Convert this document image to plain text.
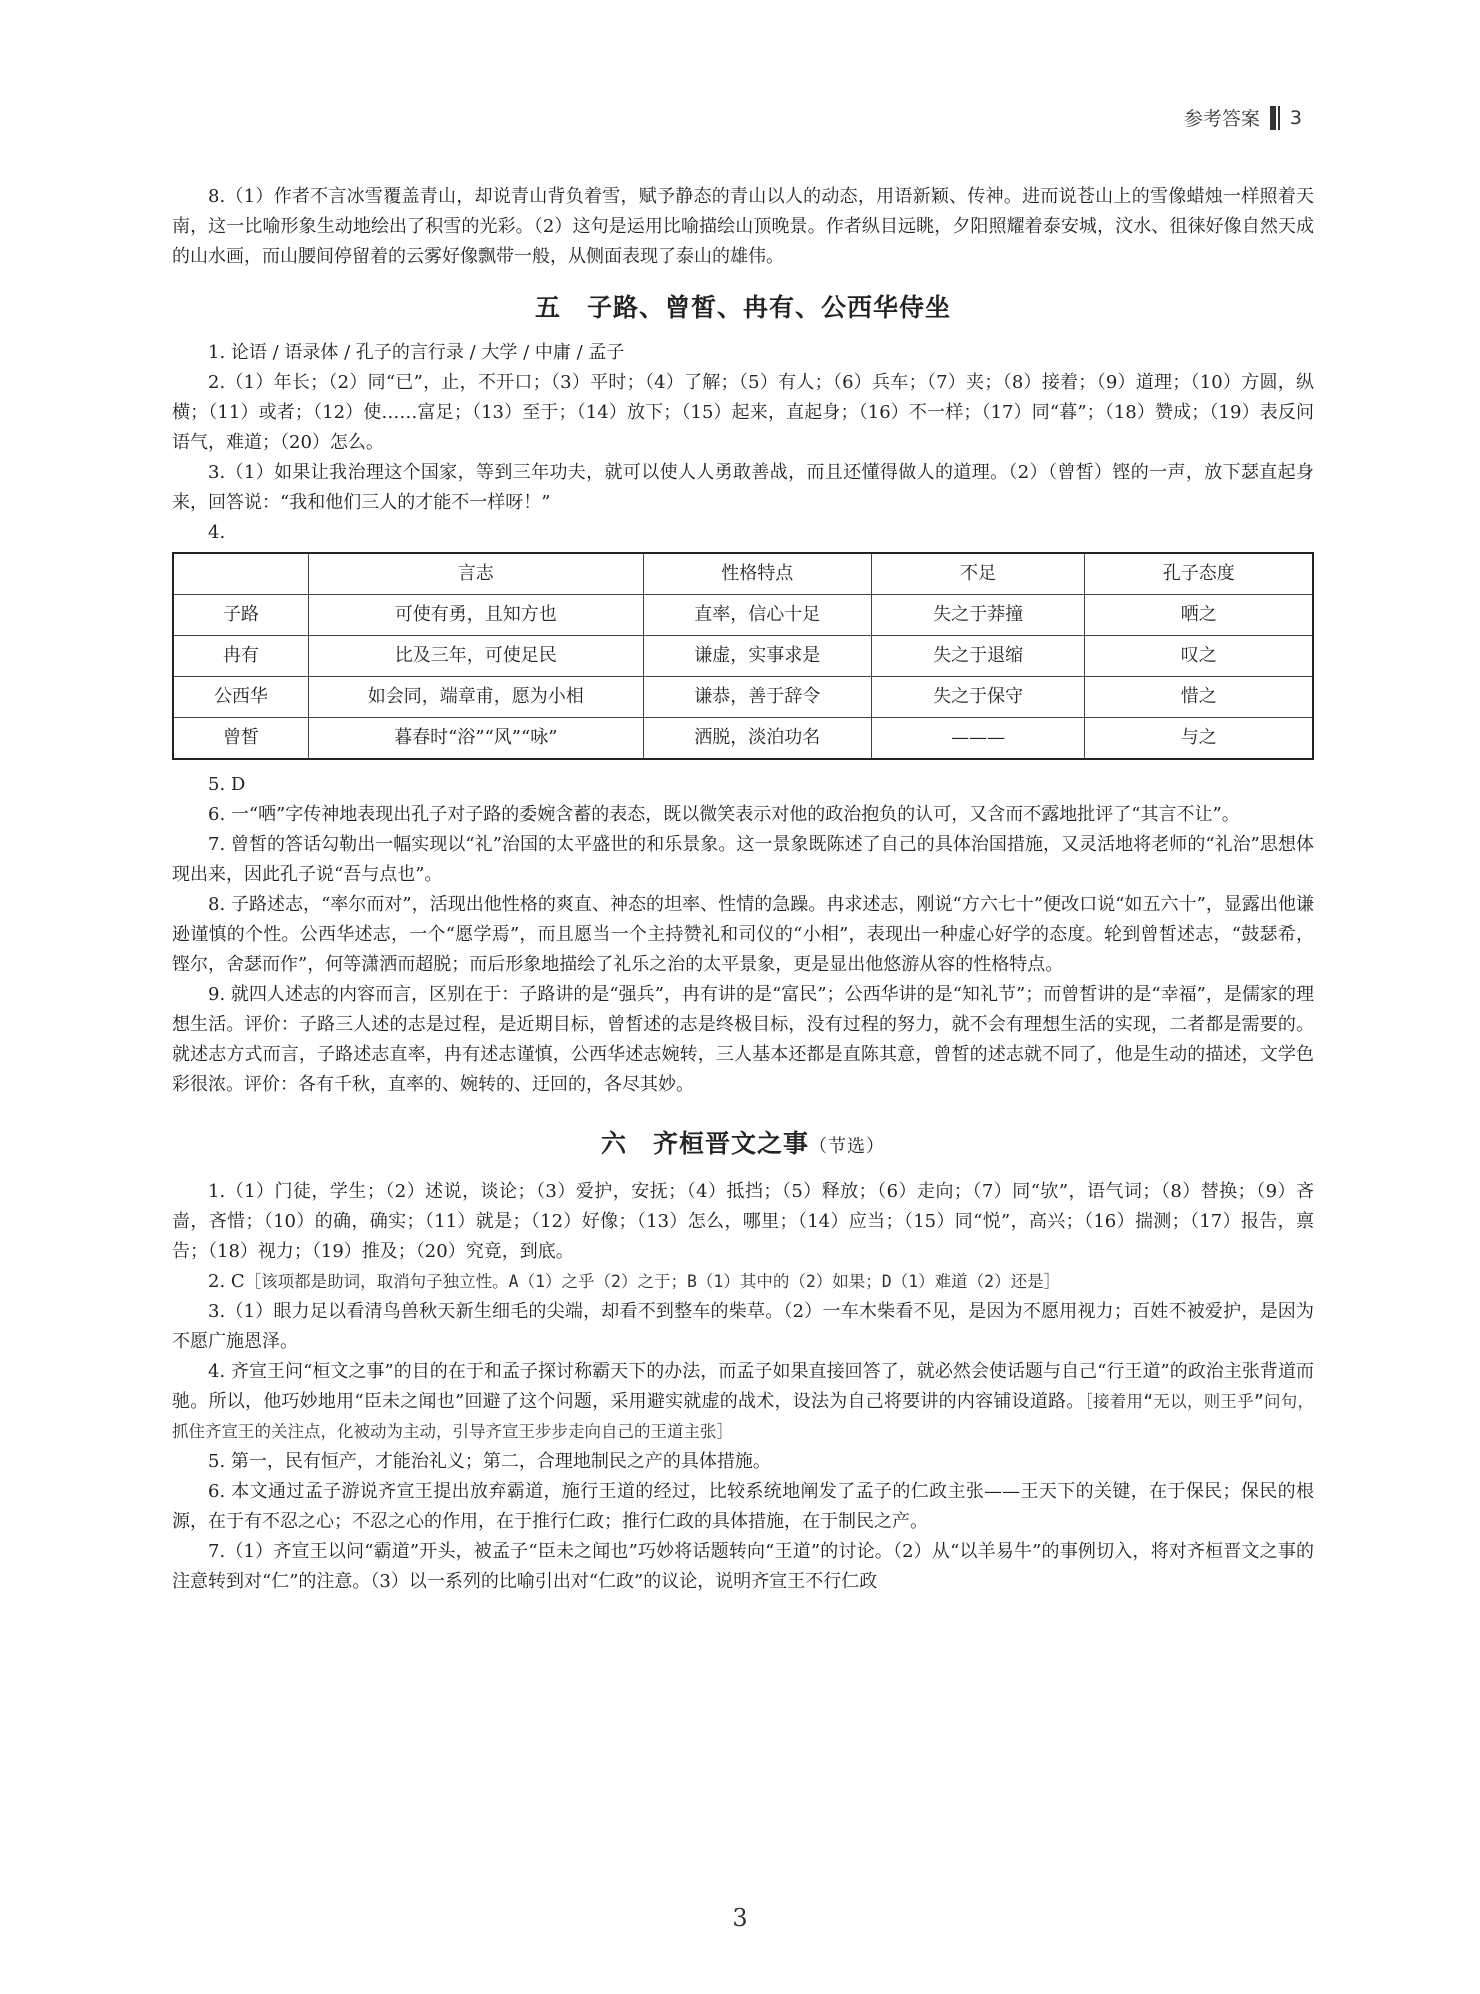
参考答案 3

8.（1）作者不言冰雪覆盖青山，却说青山背负着雪，赋予静态的青山以人的动态，用语新颖、传神。进而说苍山上的雪像蜡烛一样照着天南，这一比喻形象生动地绘出了积雪的光彩。（2）这句是运用比喻描绘山顶晚景。作者纵目远眺，夕阳照耀着泰安城，汶水、徂徕好像自然天成的山水画，而山腰间停留着的云雾好像飘带一般，从侧面表现了泰山的雄伟。

五　子路、曾皙、冉有、公西华侍坐

1. 论语 / 语录体 / 孔子的言行录 / 大学 / 中庸 / 孟子

2.（1）年长；（2）同“已”，止，不开口；（3）平时；（4）了解；（5）有人；（6）兵车；（7）夹；（8）接着；（9）道理；（10）方圆，纵横；（11）或者；（12）使……富足；（13）至于；（14）放下；（15）起来，直起身；（16）不一样；（17）同“暮”；（18）赞成；（19）表反问语气，难道；（20）怎么。

3.（1）如果让我治理这个国家，等到三年功夫，就可以使人人勇敢善战，而且还懂得做人的道理。（2）（曾皙）铿的一声，放下瑟直起身来，回答说：“我和他们三人的才能不一样呀！”

4.

	言志	性格特点	不足	孔子态度
子路	可使有勇，且知方也	直率，信心十足	失之于莽撞	哂之
冉有	比及三年，可使足民	谦虚，实事求是	失之于退缩	叹之
公西华	如会同，端章甫，愿为小相	谦恭，善于辞令	失之于保守	惜之
曾皙	暮春时“浴”“风”“咏”	洒脱，淡泊功名	———	与之

5. D

6. 一“哂”字传神地表现出孔子对子路的委婉含蓄的表态，既以微笑表示对他的政治抱负的认可，又含而不露地批评了“其言不让”。

7. 曾皙的答话勾勒出一幅实现以“礼”治国的太平盛世的和乐景象。这一景象既陈述了自己的具体治国措施，又灵活地将老师的“礼治”思想体现出来，因此孔子说“吾与点也”。

8. 子路述志，“率尔而对”，活现出他性格的爽直、神态的坦率、性情的急躁。冉求述志，刚说“方六七十”便改口说“如五六十”，显露出他谦逊谨慎的个性。公西华述志，一个“愿学焉”，而且愿当一个主持赞礼和司仪的“小相”，表现出一种虚心好学的态度。轮到曾皙述志，“鼓瑟希，铿尔，舍瑟而作”，何等潇洒而超脱；而后形象地描绘了礼乐之治的太平景象，更是显出他悠游从容的性格特点。

9. 就四人述志的内容而言，区别在于：子路讲的是“强兵”，冉有讲的是“富民”；公西华讲的是“知礼节”；而曾皙讲的是“幸福”，是儒家的理想生活。评价：子路三人述的志是过程，是近期目标，曾皙述的志是终极目标，没有过程的努力，就不会有理想生活的实现，二者都是需要的。就述志方式而言，子路述志直率，冉有述志谨慎，公西华述志婉转，三人基本还都是直陈其意，曾皙的述志就不同了，他是生动的描述，文学色彩很浓。评价：各有千秋，直率的、婉转的、迂回的，各尽其妙。

六　齐桓晋文之事（节选）

1.（1）门徒，学生；（2）述说，谈论；（3）爱护，安抚；（4）抵挡；（5）释放；（6）走向；（7）同“欤”，语气词；（8）替换；（9）吝啬，吝惜；（10）的确，确实；（11）就是；（12）好像；（13）怎么，哪里；（14）应当；（15）同“悦”，高兴；（16）揣测；（17）报告，禀告；（18）视力；（19）推及；（20）究竟，到底。

2. C［该项都是助词，取消句子独立性。A（1）之乎（2）之于；B（1）其中的（2）如果；D（1）难道（2）还是］

3.（1）眼力足以看清鸟兽秋天新生细毛的尖端，却看不到整车的柴草。（2）一车木柴看不见，是因为不愿用视力；百姓不被爱护，是因为不愿广施恩泽。

4. 齐宣王问“桓文之事”的目的在于和孟子探讨称霸天下的办法，而孟子如果直接回答了，就必然会使话题与自己“行王道”的政治主张背道而驰。所以，他巧妙地用“臣未之闻也”回避了这个问题，采用避实就虚的战术，设法为自己将要讲的内容铺设道路。［接着用“无以，则王乎”问句，抓住齐宣王的关注点，化被动为主动，引导齐宣王步步走向自己的王道主张］

5. 第一，民有恒产，才能治礼义；第二，合理地制民之产的具体措施。

6. 本文通过孟子游说齐宣王提出放弃霸道，施行王道的经过，比较系统地阐发了孟子的仁政主张——王天下的关键，在于保民；保民的根源，在于有不忍之心；不忍之心的作用，在于推行仁政；推行仁政的具体措施，在于制民之产。

7.（1）齐宣王以问“霸道”开头，被孟子“臣未之闻也”巧妙将话题转向“王道”的讨论。（2）从“以羊易牛”的事例切入，将对齐桓晋文之事的注意转到对“仁”的注意。（3）以一系列的比喻引出对“仁政”的议论，说明齐宣王不行仁政

3
